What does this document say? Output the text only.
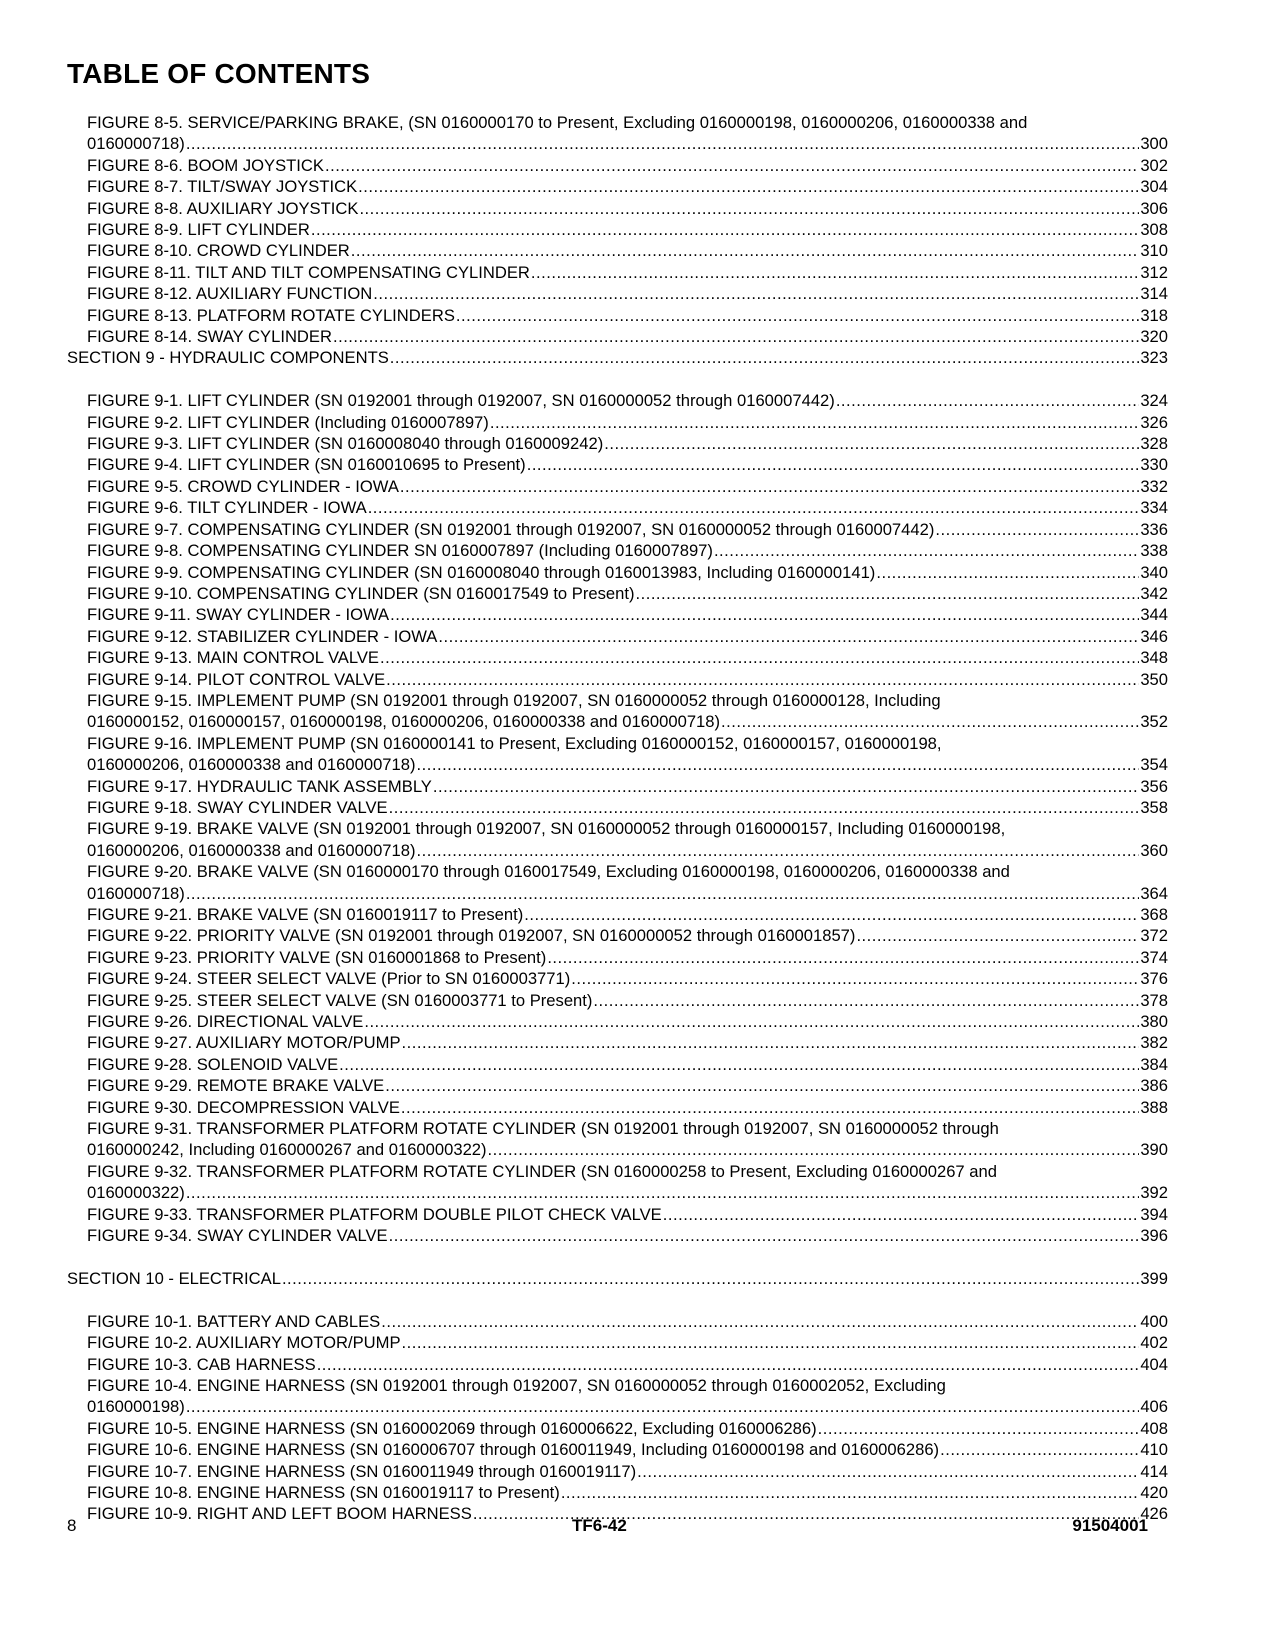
TABLE OF CONTENTS
FIGURE 8-5. SERVICE/PARKING BRAKE, (SN 0160000170 to Present, Excluding 0160000198, 0160000206, 0160000338 and
0160000718) .....	300
FIGURE 8-6. BOOM JOYSTICK .....	302
FIGURE 8-7. TILT/SWAY JOYSTICK .....	304
FIGURE 8-8. AUXILIARY JOYSTICK .....	306
FIGURE 8-9. LIFT CYLINDER .....	308
FIGURE 8-10. CROWD CYLINDER .....	310
FIGURE 8-11. TILT AND TILT COMPENSATING CYLINDER .....	312
FIGURE 8-12. AUXILIARY FUNCTION .....	314
FIGURE 8-13. PLATFORM ROTATE CYLINDERS .....	318
FIGURE 8-14. SWAY CYLINDER .....	320
SECTION 9 - HYDRAULIC COMPONENTS .....	323
FIGURE 9-1. LIFT CYLINDER (SN 0192001 through 0192007, SN 0160000052 through 0160007442) .....	324
FIGURE 9-2. LIFT CYLINDER (Including 0160007897) .....	326
FIGURE 9-3. LIFT CYLINDER (SN 0160008040 through 0160009242) .....	328
FIGURE 9-4. LIFT CYLINDER (SN 0160010695 to Present) .....	330
FIGURE 9-5. CROWD CYLINDER - IOWA .....	332
FIGURE 9-6. TILT CYLINDER - IOWA .....	334
FIGURE 9-7. COMPENSATING CYLINDER (SN 0192001 through 0192007, SN 0160000052 through 0160007442) .....	336
FIGURE 9-8. COMPENSATING CYLINDER SN 0160007897 (Including 0160007897) .....	338
FIGURE 9-9. COMPENSATING CYLINDER (SN 0160008040 through 0160013983, Including 0160000141) .....	340
FIGURE 9-10. COMPENSATING CYLINDER (SN 0160017549 to Present) .....	342
FIGURE 9-11. SWAY CYLINDER - IOWA .....	344
FIGURE 9-12. STABILIZER CYLINDER - IOWA .....	346
FIGURE 9-13. MAIN CONTROL VALVE .....	348
FIGURE 9-14. PILOT CONTROL VALVE .....	350
FIGURE 9-15. IMPLEMENT PUMP (SN 0192001 through 0192007, SN 0160000052 through 0160000128, Including
0160000152, 0160000157, 0160000198, 0160000206, 0160000338 and 0160000718) .....	352
FIGURE 9-16. IMPLEMENT PUMP (SN 0160000141 to Present, Excluding 0160000152, 0160000157, 0160000198,
0160000206, 0160000338 and 0160000718) .....	354
FIGURE 9-17. HYDRAULIC TANK ASSEMBLY .....	356
FIGURE 9-18. SWAY CYLINDER VALVE .....	358
FIGURE 9-19. BRAKE VALVE (SN 0192001 through 0192007, SN 0160000052 through 0160000157, Including 0160000198,
0160000206, 0160000338 and 0160000718) .....	360
FIGURE 9-20. BRAKE VALVE (SN 0160000170 through 0160017549, Excluding 0160000198, 0160000206, 0160000338 and
0160000718) .....	364
FIGURE 9-21. BRAKE VALVE (SN 0160019117 to Present) .....	368
FIGURE 9-22. PRIORITY VALVE (SN 0192001 through 0192007, SN 0160000052 through 0160001857) .....	372
FIGURE 9-23. PRIORITY VALVE (SN 0160001868 to Present) .....	374
FIGURE 9-24. STEER SELECT VALVE (Prior to SN 0160003771) .....	376
FIGURE 9-25. STEER SELECT VALVE (SN 0160003771 to Present) .....	378
FIGURE 9-26. DIRECTIONAL VALVE .....	380
FIGURE 9-27. AUXILIARY MOTOR/PUMP .....	382
FIGURE 9-28. SOLENOID VALVE .....	384
FIGURE 9-29. REMOTE BRAKE VALVE .....	386
FIGURE 9-30. DECOMPRESSION VALVE .....	388
FIGURE 9-31. TRANSFORMER PLATFORM ROTATE CYLINDER (SN 0192001 through 0192007, SN 0160000052 through
0160000242, Including 0160000267 and 0160000322) .....	390
FIGURE 9-32. TRANSFORMER PLATFORM ROTATE CYLINDER (SN 0160000258 to Present, Excluding 0160000267 and
0160000322) .....	392
FIGURE 9-33. TRANSFORMER PLATFORM DOUBLE PILOT CHECK VALVE .....	394
FIGURE 9-34. SWAY CYLINDER VALVE .....	396
SECTION 10 - ELECTRICAL .....	399
FIGURE 10-1. BATTERY AND CABLES .....	400
FIGURE 10-2. AUXILIARY MOTOR/PUMP .....	402
FIGURE 10-3. CAB HARNESS .....	404
FIGURE 10-4. ENGINE HARNESS (SN 0192001 through 0192007, SN 0160000052 through 0160002052, Excluding
0160000198) .....	406
FIGURE 10-5. ENGINE HARNESS (SN 0160002069 through 0160006622, Excluding 0160006286) .....	408
FIGURE 10-6. ENGINE HARNESS (SN 0160006707 through 0160011949, Including 0160000198 and 0160006286) .....	410
FIGURE 10-7. ENGINE HARNESS (SN 0160011949 through 0160019117) .....	414
FIGURE 10-8. ENGINE HARNESS (SN 0160019117 to Present) .....	420
FIGURE 10-9. RIGHT AND LEFT BOOM HARNESS .....	426
8	TF6-42	91504001
